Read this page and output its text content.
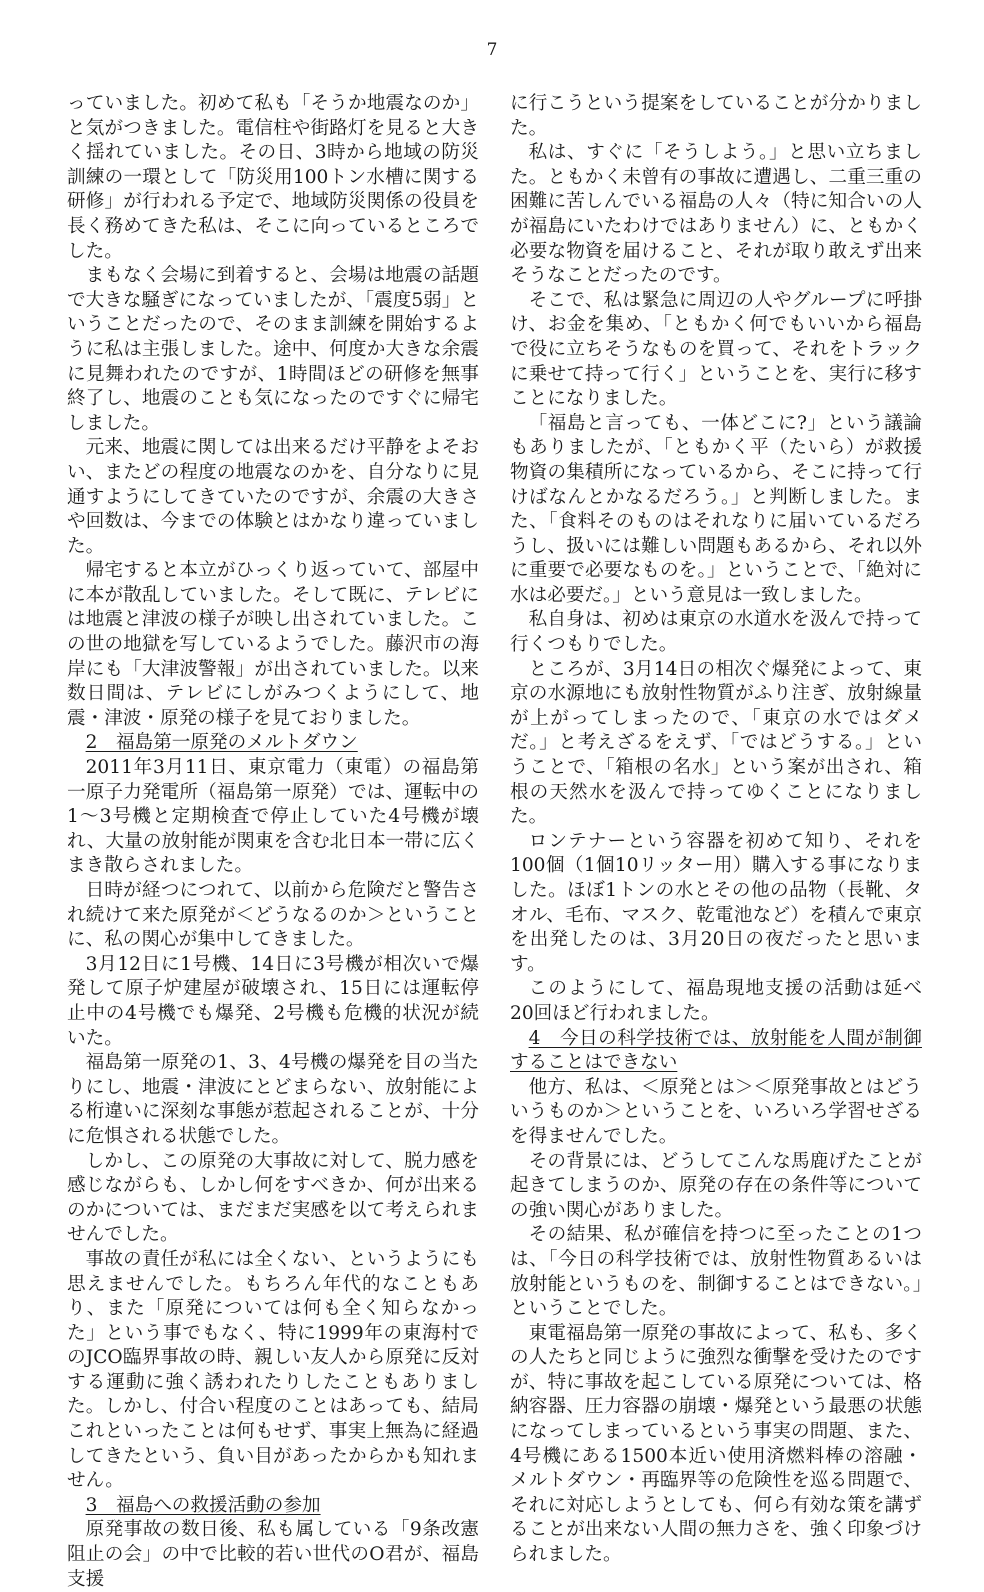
7

っていました。初めて私も「そうか地震なのか」と気がつきました。電信柱や街路灯を見ると大きく揺れていました。その日、3時から地域の防災訓練の一環として「防災用100トン水槽に関する研修」が行われる予定で、地域防災関係の役員を長く務めてきた私は、そこに向っているところでした。

まもなく会場に到着すると、会場は地震の話題で大きな騒ぎになっていましたが、「震度5弱」ということだったので、そのまま訓練を開始するように私は主張しました。途中、何度か大きな余震に見舞われたのですが、1時間ほどの研修を無事終了し、地震のことも気になったのですぐに帰宅しました。

元来、地震に関しては出来るだけ平静をよそおい、またどの程度の地震なのかを、自分なりに見通すようにしてきていたのですが、余震の大きさや回数は、今までの体験とはかなり違っていました。

帰宅すると本立がひっくり返っていて、部屋中に本が散乱していました。そして既に、テレビには地震と津波の様子が映し出されていました。この世の地獄を写しているようでした。藤沢市の海岸にも「大津波警報」が出されていました。以来数日間は、テレビにしがみつくようにして、地震・津波・原発の様子を見ておりました。

2　福島第一原発のメルトダウン

2011年3月11日、東京電力（東電）の福島第一原子力発電所（福島第一原発）では、運転中の1～3号機と定期検査で停止していた4号機が壊れ、大量の放射能が関東を含む北日本一帯に広くまき散らされました。

日時が経つにつれて、以前から危険だと警告され続けて来た原発が＜どうなるのか＞ということに、私の関心が集中してきました。

3月12日に1号機、14日に3号機が相次いで爆発して原子炉建屋が破壊され、15日には運転停止中の4号機でも爆発、2号機も危機的状況が続いた。

福島第一原発の1、3、4号機の爆発を目の当たりにし、地震・津波にとどまらない、放射能による桁違いに深刻な事態が惹起されることが、十分に危惧される状態でした。

しかし、この原発の大事故に対して、脱力感を感じながらも、しかし何をすべきか、何が出来るのかについては、まだまだ実感を以て考えられませんでした。

事故の責任が私には全くない、というようにも思えませんでした。もちろん年代的なこともあり、また「原発については何も全く知らなかった」という事でもなく、特に1999年の東海村でのJCO臨界事故の時、親しい友人から原発に反対する運動に強く誘われたりしたこともありました。しかし、付合い程度のことはあっても、結局これといったことは何もせず、事実上無為に経過してきたという、負い目があったからかも知れません。

3　福島への救援活動の参加

原発事故の数日後、私も属している「9条改憲阻止の会」の中で比較的若い世代のO君が、福島支援

に行こうという提案をしていることが分かりました。

私は、すぐに「そうしよう。」と思い立ちました。ともかく未曾有の事故に遭遇し、二重三重の困難に苦しんでいる福島の人々（特に知合いの人が福島にいたわけではありません）に、ともかく必要な物資を届けること、それが取り敢えず出来そうなことだったのです。

そこで、私は緊急に周辺の人やグループに呼掛け、お金を集め、「ともかく何でもいいから福島で役に立ちそうなものを買って、それをトラックに乗せて持って行く」ということを、実行に移すことになりました。

「福島と言っても、一体どこに?」という議論もありましたが、「ともかく平（たいら）が救援物資の集積所になっているから、そこに持って行けばなんとかなるだろう。」と判断しました。また、「食料そのものはそれなりに届いているだろうし、扱いには難しい問題もあるから、それ以外に重要で必要なものを。」ということで、「絶対に水は必要だ。」という意見は一致しました。

私自身は、初めは東京の水道水を汲んで持って行くつもりでした。

ところが、3月14日の相次ぐ爆発によって、東京の水源地にも放射性物質がふり注ぎ、放射線量が上がってしまったので、「東京の水ではダメだ。」と考えざるをえず、「ではどうする。」ということで、「箱根の名水」という案が出され、箱根の天然水を汲んで持ってゆくことになりました。

ロンテナーという容器を初めて知り、それを100個（1個10リッター用）購入する事になりました。ほぼ1トンの水とその他の品物（長靴、タオル、毛布、マスク、乾電池など）を積んで東京を出発したのは、3月20日の夜だったと思います。

このようにして、福島現地支援の活動は延べ20回ほど行われました。

4　今日の科学技術では、放射能を人間が制御することはできない

他方、私は、＜原発とは＞＜原発事故とはどういうものか＞ということを、いろいろ学習せざるを得ませんでした。

その背景には、どうしてこんな馬鹿げたことが起きてしまうのか、原発の存在の条件等についての強い関心がありました。

その結果、私が確信を持つに至ったことの1つは、「今日の科学技術では、放射性物質あるいは放射能というものを、制御することはできない。」ということでした。

東電福島第一原発の事故によって、私も、多くの人たちと同じように強烈な衝撃を受けたのですが、特に事故を起こしている原発については、格納容器、圧力容器の崩壊・爆発という最悪の状態になってしまっているという事実の問題、また、4号機にある1500本近い使用済燃料棒の溶融・メルトダウン・再臨界等の危険性を巡る問題で、それに対応しようとしても、何ら有効な策を講ずることが出来ない人間の無力さを、強く印象づけられました。
